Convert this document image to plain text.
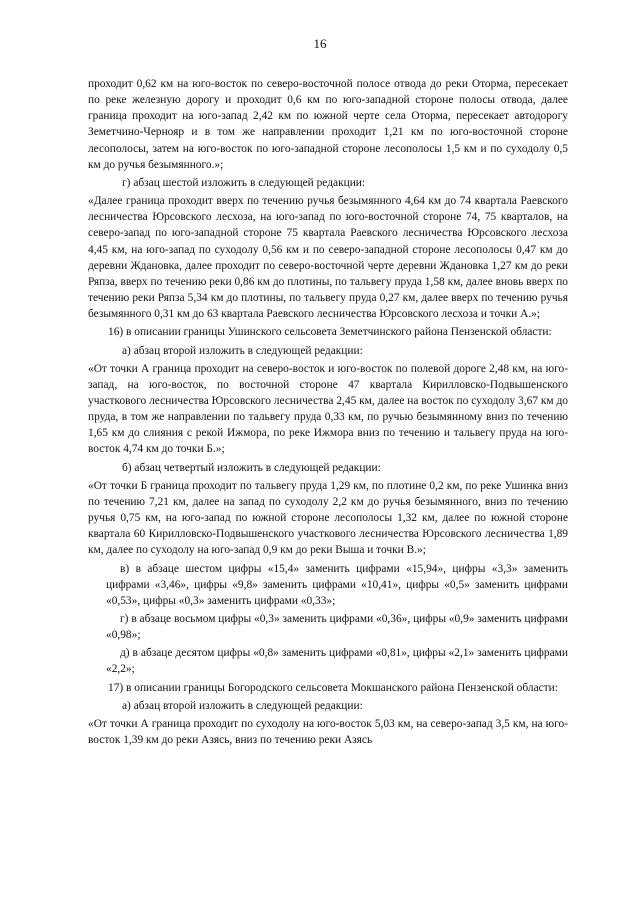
16

проходит 0,62 км на юго-восток по северо-восточной полосе отвода до реки Оторма, пересекает по реке железную дорогу и проходит 0,6 км по юго-западной стороне полосы отвода, далее граница проходит на юго-запад 2,42 км по южной черте села Оторма, пересекает автодорогу Земетчино-Чернояр и в том же направлении проходит 1,21 км по юго-восточной стороне лесополосы, затем на юго-восток по юго-западной стороне лесополосы 1,5 км и по суходолу 0,5 км до ручья безымянного.»;

г) абзац шестой изложить в следующей редакции:

«Далее граница проходит вверх по течению ручья безымянного 4,64 км до 74 квартала Раевского лесничества Юрсовского лесхоза, на юго-запад по юго-восточной стороне 74, 75 кварталов, на северо-запад по юго-западной стороне 75 квартала Раевского лесничества Юрсовского лесхоза 4,45 км, на юго-запад по суходолу 0,56 км и по северо-западной стороне лесополосы 0,47 км до деревни Ждановка, далее проходит по северо-восточной черте деревни Ждановка 1,27 км до реки Ряпза, вверх по течению реки 0,86 км до плотины, по тальвегу пруда 1,58 км, далее вновь вверх по течению реки Ряпза 5,34 км до плотины, по тальвегу пруда 0,27 км, далее вверх по течению ручья безымянного 0,31 км до 63 квартала Раевского лесничества Юрсовского лесхоза и точки А.»;

16) в описании границы Ушинского сельсовета Земетчинского района Пензенской области:

а) абзац второй изложить в следующей редакции:

«От точки А граница проходит на северо-восток и юго-восток по полевой дороге 2,48 км, на юго-запад, на юго-восток, по восточной стороне 47 квартала Кирилловско-Подвышенского участкового лесничества Юрсовского лесничества 2,45 км, далее на восток по суходолу 3,67 км до пруда, в том же направлении по тальвегу пруда 0,33 км, по ручью безымянному вниз по течению 1,65 км до слияния с рекой Ижмора, по реке Ижмора вниз по течению и тальвегу пруда на юго-восток 4,74 км до точки Б.»;

б) абзац четвертый изложить в следующей редакции:

«От точки Б граница проходит по тальвегу пруда 1,29 км, по плотине 0,2 км, по реке Ушинка вниз по течению 7,21 км, далее на запад по суходолу 2,2 км до ручья безымянного, вниз по течению ручья 0,75 км, на юго-запад по южной стороне лесополосы 1,32 км, далее по южной стороне квартала 60 Кирилловско-Подвышенского участкового лесничества Юрсовского лесничества 1,89 км, далее по суходолу на юго-запад 0,9 км до реки Выша и точки В.»;

в) в абзаце шестом цифры «15,4» заменить цифрами «15,94», цифры «3,3» заменить цифрами «3,46», цифры «9,8» заменить цифрами «10,41», цифры «0,5» заменить цифрами «0,53», цифры «0,3» заменить цифрами «0,33»;

г) в абзаце восьмом цифры «0,3» заменить цифрами «0,36», цифры «0,9» заменить цифрами «0,98»;

д) в абзаце десятом цифры «0,8» заменить цифрами «0,81», цифры «2,1» заменить цифрами «2,2»;

17) в описании границы Богородского сельсовета Мокшанского района Пензенской области:

а) абзац второй изложить в следующей редакции:

«От точки А граница проходит по суходолу на юго-восток 5,03 км, на северо-запад 3,5 км, на юго-восток 1,39 км до реки Азясь, вниз по течению реки Азясь
